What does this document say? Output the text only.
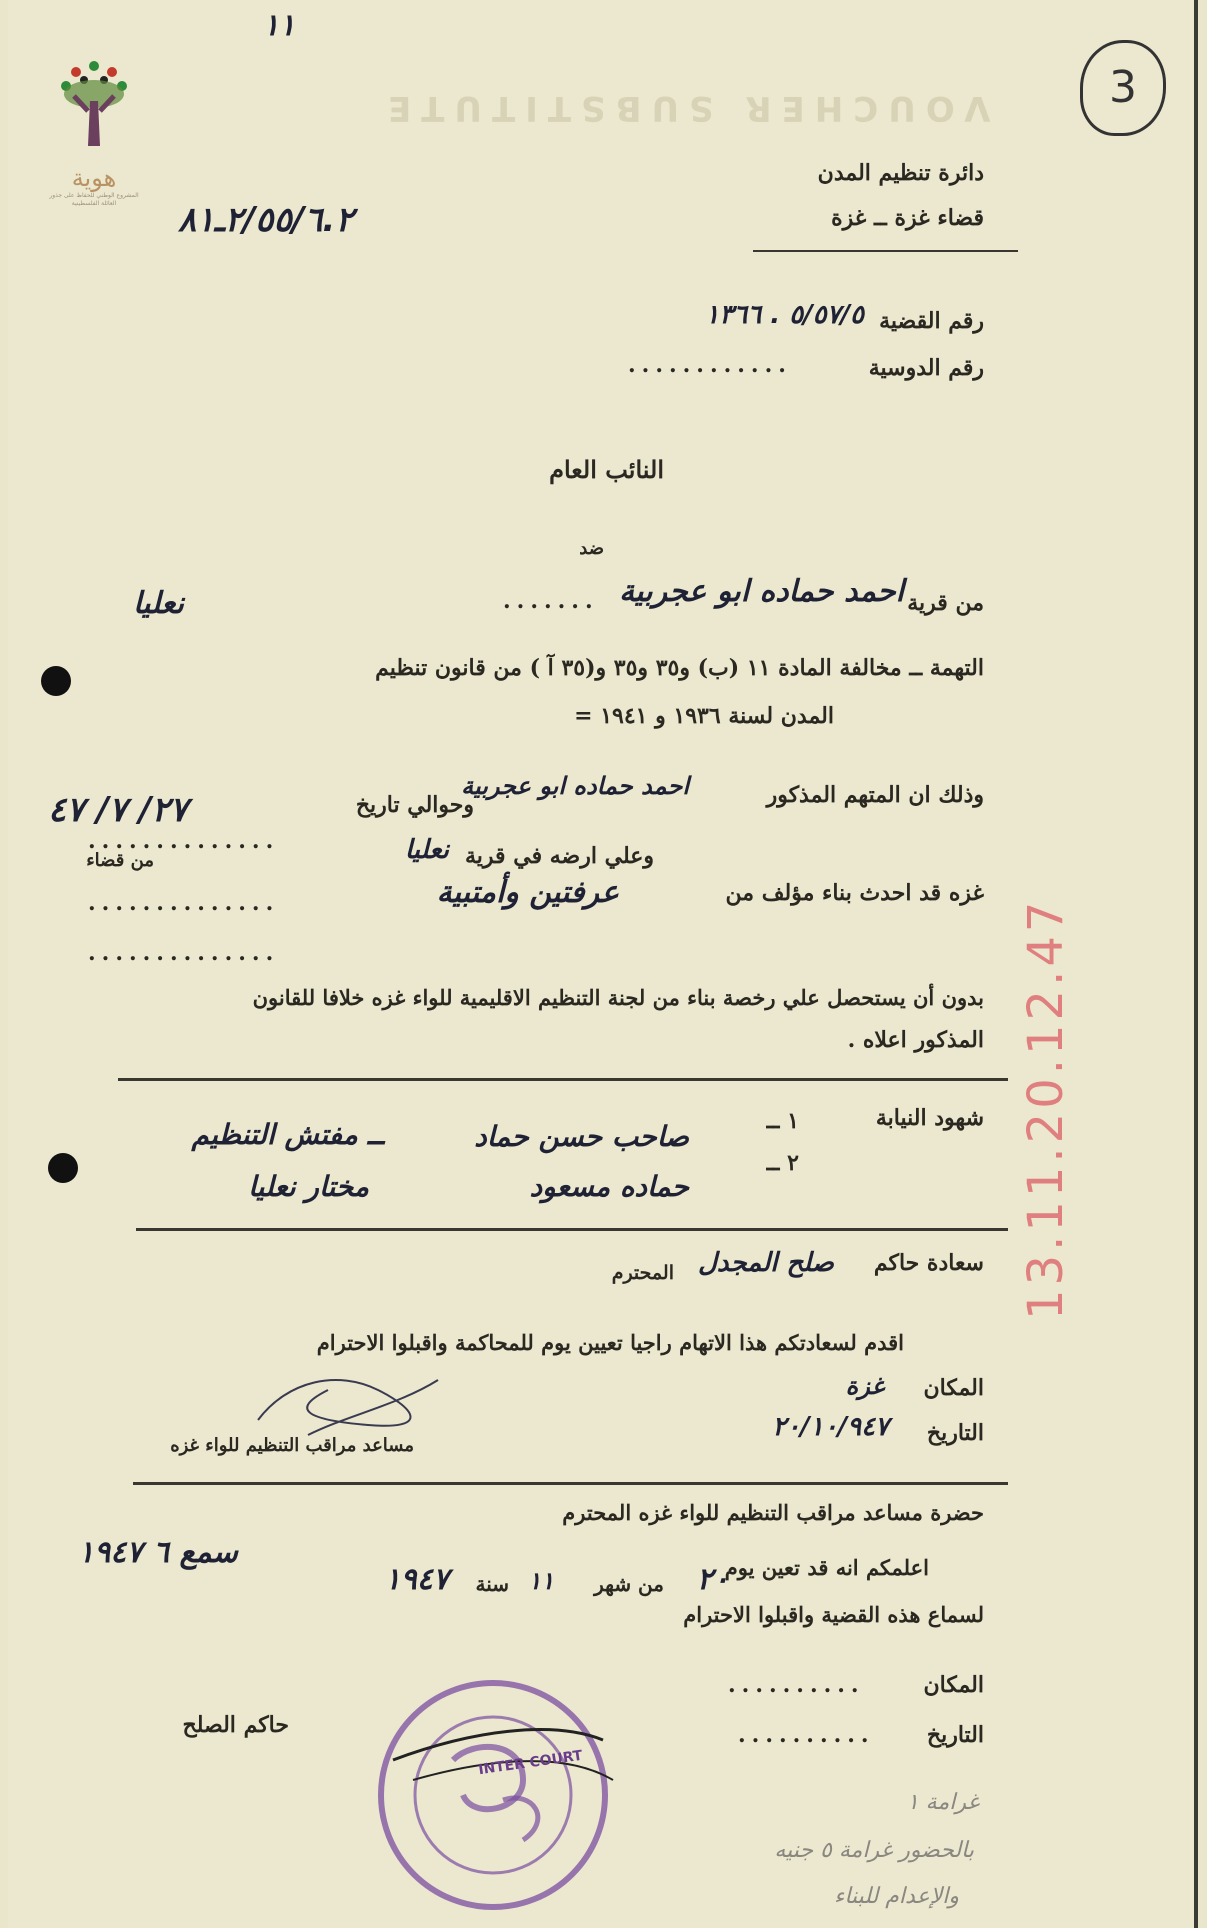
VOUCHER SUBSTITUTE
هوية
المشروع الوطني للحفاظ على جذور العائلة الفلسطينية
١١
3
دائرة تنظيم المدن
قضاء غزة ــ غزة
٢/٥٥/٦.٢ـ٨١
رقم القضية
٥/٥٧/٥ . ١٣٦٦
رقم الدوسية
............
النائب العام
ضد
من قرية
احمد حماده ابو عجربية
نعليا	.......
التهمة ــ مخالفة المادة ١١ (ب) و٣٥ و٣٥ و(٣٥ آ ) من قانون تنظيم
المدن لسنة ١٩٣٦ و ١٩٤١ =
وذلك ان المتهم المذكور
احمد حماده ابو عجربية
وحوالي تاريخ
٢٧/ ٧/ ٤٧
..............
وعلي ارضه في قرية
نعليا
من قضاء
غزه قد احدث بناء مؤلف من
عرفتين وأمتبية
..............
..............
بدون أن يستحصل علي رخصة بناء من لجنة التنظيم الاقليمية للواء غزه خلافا للقانون
المذكور اعلاه .
شهود النيابة
١ ــ
صاحب حسن حماد
ــ مفتش التنظيم
٢ ــ
حماده مسعود
مختار نعليا
سعادة حاكم
صلح المجدل
المحترم
اقدم لسعادتكم هذا الاتهام راجيا تعيين يوم للمحاكمة واقبلوا الاحترام
المكان
غزة
التاريخ
٢٠/١٠/٩٤٧
مساعد مراقب التنظيم للواء غزه
حضرة مساعد مراقب التنظيم للواء غزه المحترم
اعلمكم انه قد تعين يوم
٢٠
من شهر
١١
سنة
١٩٤٧
سمع ٦ ١٩٤٧
لسماع هذه القضية واقبلوا الاحترام
المكان
..........
التاريخ
..........
حاكم الصلح
INTER COURT
13.11.20.12.47
غرامة ١
بالحضور غرامة ٥ جنيه
والإعدام للبناء
